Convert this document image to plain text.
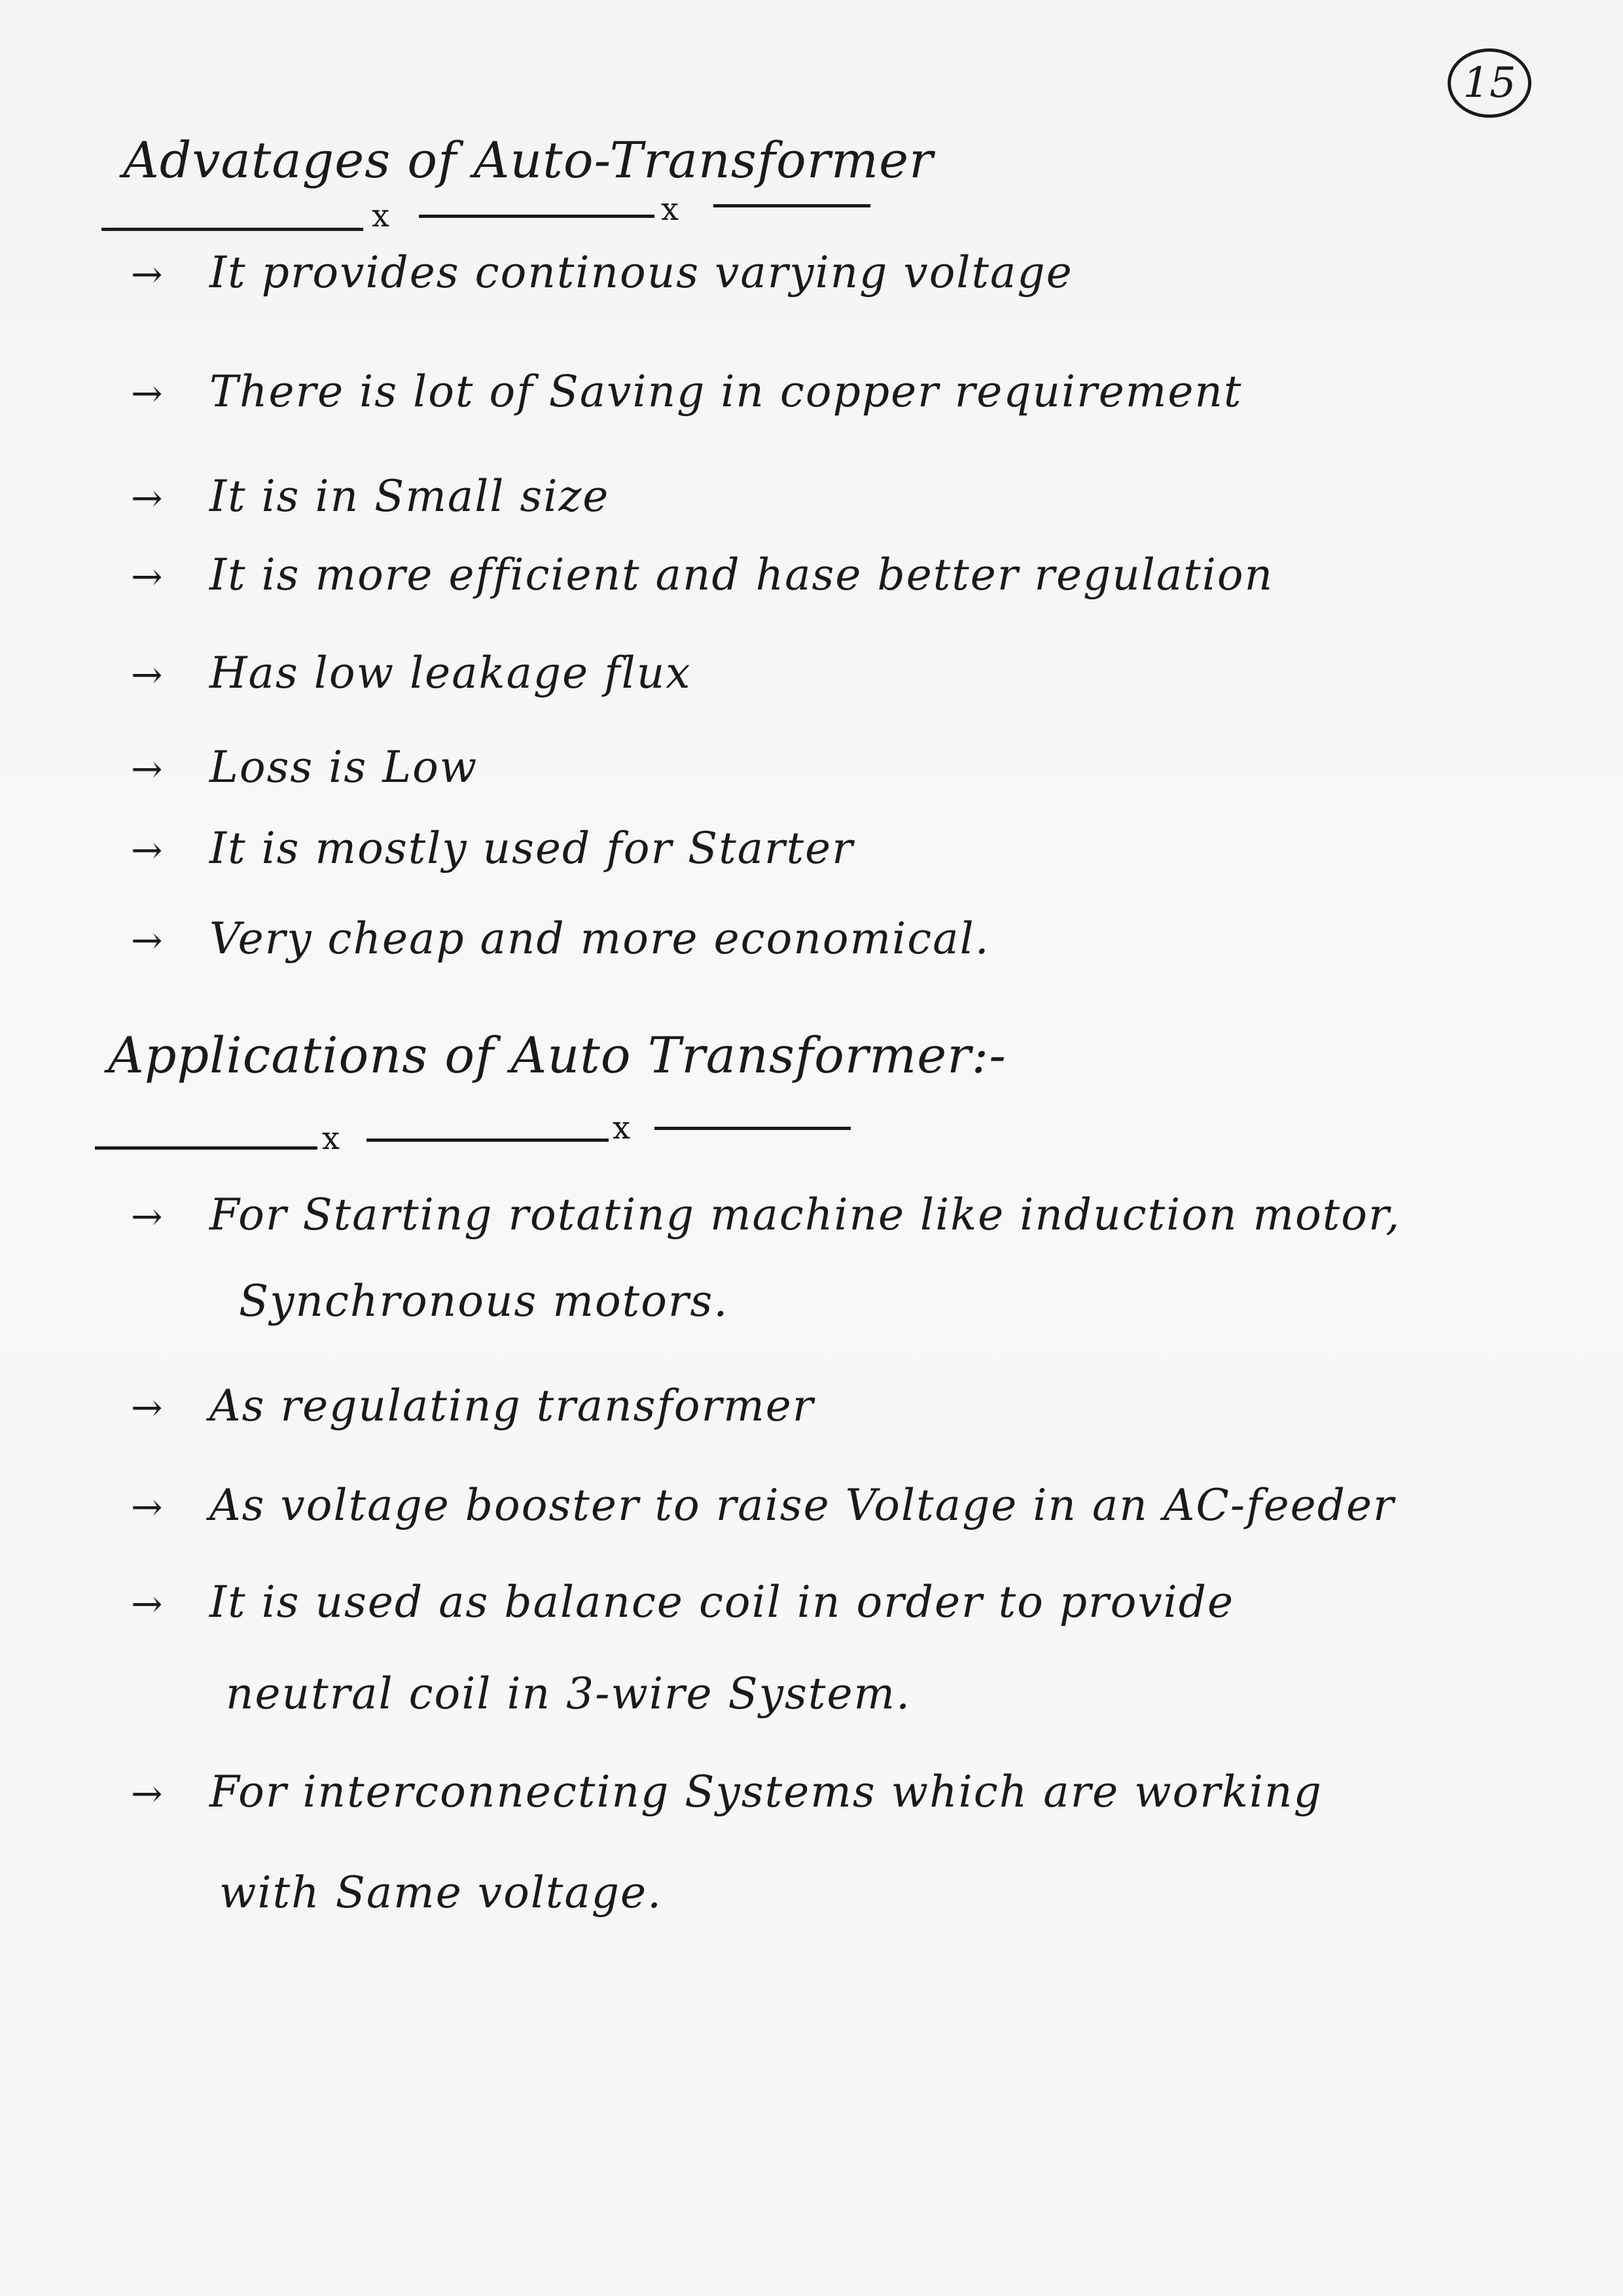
15
Advatages of Auto-Transformer
x	x
→ It provides continous varying voltage
→ There is lot of Saving in copper requirement
→ It is in Small size
→ It is more efficient and hase better regulation
→ Has low leakage flux
→ Loss is Low
→ It is mostly used for Starter
→ Very cheap and more economical.
Applications of Auto Transformer:-
x	x
→ For Starting rotating machine like induction motor,
Synchronous motors.
→ As regulating transformer
→ As voltage booster to raise Voltage in an AC-feeder
→ It is used as balance coil in order to provide
neutral coil in 3-wire System.
→ For interconnecting Systems which are working
with Same voltage.
